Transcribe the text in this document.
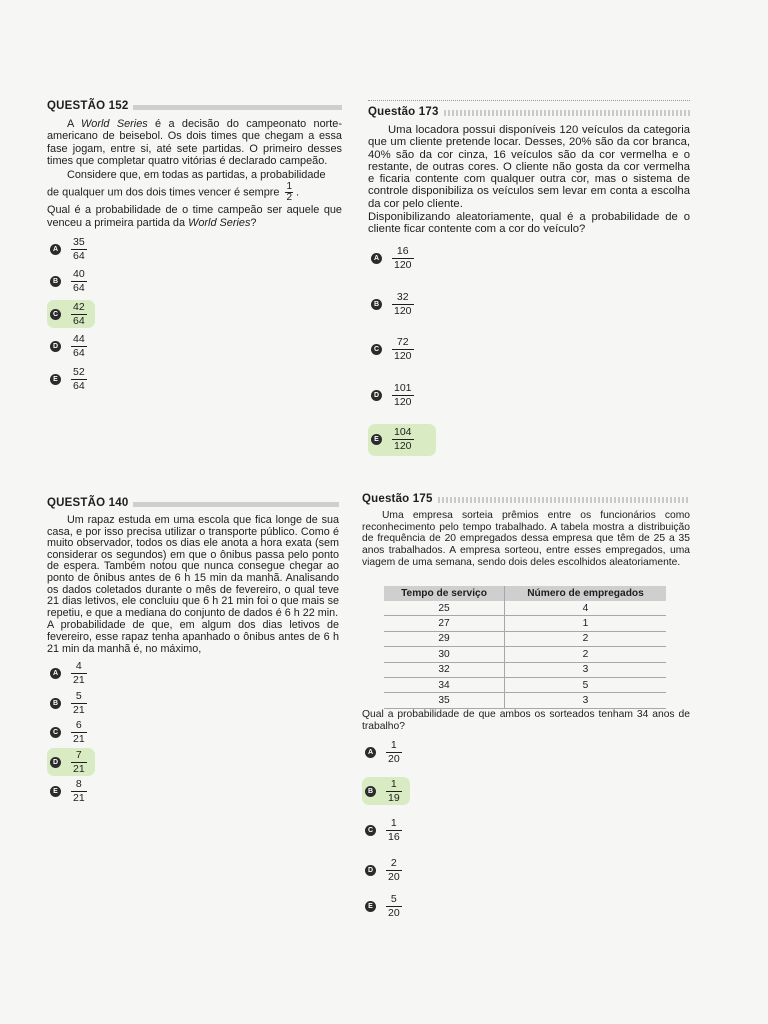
QUESTÃO 152

A World Series é a decisão do campeonato norte-americano de beisebol. Os dois times que chegam a essa fase jogam, entre si, até sete partidas. O primeiro desses times que completar quatro vitórias é declarado campeão.

Considere que, em todas as partidas, a probabilidade

de qualquer um dos dois times vencer é sempre $\frac{1}{2}$ .

Qual é a probabilidade de o time campeão ser aquele que venceu a primeira partida da World Series?

A $\frac{35}{64}$
B $\frac{40}{64}$
C $\frac{42}{64}$
D $\frac{44}{64}$
E	$\frac{52}{64}$
Questão 173

Uma locadora possui disponíveis 120 veículos da categoria que um cliente pretende locar. Desses, 20% são da cor branca, 40% são da cor cinza, 16 veículos são da cor vermelha e o restante, de outras cores. O cliente não gosta da cor vermelha e ficaria contente com qualquer outra cor, mas o sistema de controle disponibiliza os veículos sem levar em conta a escolha da cor pelo cliente.

Disponibilizando aleatoriamente, qual é a probabilidade de o cliente ficar contente com a cor do veículo?

A $\frac{16}{120}$
B $\frac{32}{120}$
C $\frac{72}{120}$
D $\frac{101}{120}$
E	$\frac{104}{120}$
QUESTÃO 140

Um rapaz estuda em uma escola que fica longe de sua casa, e por isso precisa utilizar o transporte público. Como é muito observador, todos os dias ele anota a hora exata (sem considerar os segundos) em que o ônibus passa pelo ponto de espera. Também notou que nunca consegue chegar ao ponto de ônibus antes de 6 h 15 min da manhã. Analisando os dados coletados durante o mês de fevereiro, o qual teve 21 dias letivos, ele concluiu que 6 h 21 min foi o que mais se repetiu, e que a mediana do conjunto de dados é 6 h 22 min.

A probabilidade de que, em algum dos dias letivos de fevereiro, esse rapaz tenha apanhado o ônibus antes de 6 h 21 min da manhã é, no máximo,

A $\frac{4}{21}$
B $\frac{5}{21}$
C $\frac{6}{21}$
D $\frac{7}{21}$
E	$\frac{8}{21}$
Questão 175

Uma empresa sorteia prêmios entre os funcionários como reconhecimento pelo tempo trabalhado. A tabela mostra a distribuição de frequência de 20 empregados dessa empresa que têm de 25 a 35 anos trabalhados. A empresa sorteou, entre esses empregados, uma viagem de uma semana, sendo dois deles escolhidos aleatoriamente.

Tempo de serviço	Número de empregados
25	4
27	1
29	2
30	2
32	3
34	5
35	3

Qual a probabilidade de que ambos os sorteados tenham 34 anos de trabalho?

A $\frac{1}{20}$
B $\frac{1}{19}$
C $\frac{1}{16}$
D $\frac{2}{20}$
E	$\frac{5}{20}$
